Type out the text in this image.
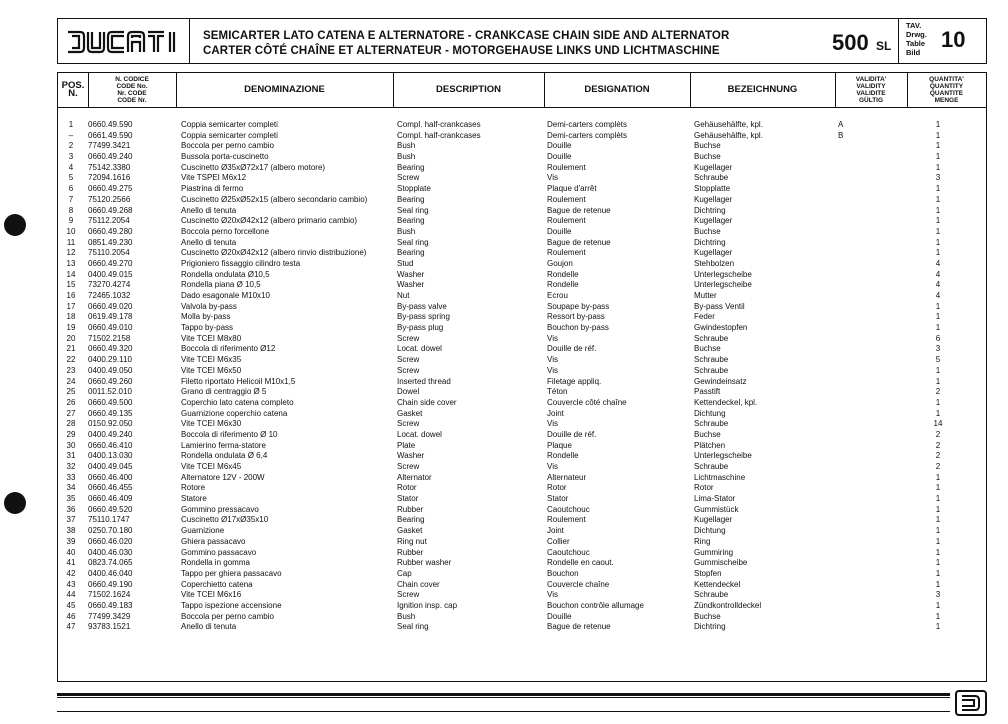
SEMICARTER LATO CATENA E ALTERNATORE - CRANKCASE CHAIN SIDE AND ALTERNATOR
CARTER CÔTÉ CHAÎNE ET ALTERNATEUR - MOTORGEHAUSE LINKS UND LICHTMASCHINE	500 SL
TAV.
Drwg.
Table
Bild
10
POS.
N.
N. CODICE
CODE No.
Nr. CODE
CODE Nr.
DENOMINAZIONE	DESCRIPTION	DESIGNATION	BEZEICHNUNG
VALIDITA'
VALIDITY
VALIDITE
GÜLTIG
QUANTITA'
QUANTITY
QUANTITE
MENGE
1	0660.49.590	Coppia semicarter completi	Compl. half-crankcases	Demi-carters complèts	Gehäusehälfte, kpl.	A	1
–	0661.49.590	Coppia semicarter completi	Compl. half-crankcases	Demi-carters complèts	Gehäusehälfte, kpl.	B	1
2	77499.3421	Boccola per perno cambio	Bush	Douille	Buchse	1
3	0660.49.240	Bussola porta-cuscinetto	Bush	Douille	Buchse	1
4	75142.3380	Cuscinetto Ø35xØ72x17 (albero motore)	Bearing	Roulement	Kugellager	1
5	72094.1616	Vite TSPEI M6x12	Screw	Vis	Schraube	3
6	0660.49.275	Piastrina di fermo	Stopplate	Plaque d'arrêt	Stopplatte	1
7	75120.2566	Cuscinetto Ø25xØ52x15 (albero secondario cambio)	Bearing	Roulement	Kugellager	1
8	0660.49.268	Anello di tenuta	Seal ring	Bague de retenue	Dichtring	1
9	75112.2054	Cuscinetto Ø20xØ42x12 (albero primario cambio)	Bearing	Roulement	Kugellager	1
10	0660.49.280	Boccola perno forcellone	Bush	Douille	Buchse	1
11	0851.49.230	Anello di tenuta	Seal ring	Bague de retenue	Dichtring	1
12	75110.2054	Cuscinetto Ø20xØ42x12 (albero rinvio distribuzione)	Bearing	Roulement	Kugellager	1
13	0660.49.270	Prigioniero fissaggio cilindro testa	Stud	Goujon	Stehbolzen	4
14	0400.49.015	Rondella ondulata Ø10,5	Washer	Rondelle	Unterlegscheibe	4
15	73270.4274	Rondella piana Ø 10,5	Washer	Rondelle	Unterlegscheibe	4
16	72465.1032	Dado esagonale M10x10	Nut	Ecrou	Mutter	4
17	0660.49.020	Valvola by-pass	By-pass valve	Soupape by-pass	By-pass Ventil	1
18	0619.49.178	Molla by-pass	By-pass spring	Ressort by-pass	Feder	1
19	0660.49.010	Tappo by-pass	By-pass plug	Bouchon by-pass	Gwindestopfen	1
20	71502.2158	Vite TCEI M8x80	Screw	Vis	Schraube	6
21	0660.49.320	Boccola di riferimento Ø12	Locat. dowel	Douille de réf.	Buchse	3
22	0400.29.110	Vite TCEI M6x35	Screw	Vis	Schraube	5
23	0400.49.050	Vite TCEI M6x50	Screw	Vis	Schraube	1
24	0660.49.260	Filetto riportato Helicoil M10x1,5	Inserted thread	Filetage appliq.	Gewindeinsatz	1
25	0011.52.010	Grano di centraggio Ø 5	Dowel	Téton	Passtift	2
26	0660.49.500	Coperchio lato catena completo	Chain side cover	Couvercle côté chaîne	Kettendeckel, kpl.	1
27	0660.49.135	Guarnizione coperchio catena	Gasket	Joint	Dichtung	1
28	0150.92.050	Vite TCEI M6x30	Screw	Vis	Schraube	14
29	0400.49.240	Boccola di riferimento Ø 10	Locat. dowel	Douille de réf.	Buchse	2
30	0660.46.410	Lamierino ferma-statore	Plate	Plaque	Plätchen	2
31	0400.13.030	Rondella ondulata Ø 6,4	Washer	Rondelle	Unterlegscheibe	2
32	0400.49.045	Vite TCEI M6x45	Screw	Vis	Schraube	2
33	0660.46.400	Alternatore 12V - 200W	Alternator	Alternateur	Lichtmaschine	1
34	0660.46.455	Rotore	Rotor	Rotor	Rotor	1
35	0660.46.409	Statore	Stator	Stator	Lima-Stator	1
36	0660.49.520	Gommino pressacavo	Rubber	Caoutchouc	Gummistück	1
37	75110.1747	Cuscinetto Ø17xØ35x10	Bearing	Roulement	Kugellager	1
38	0250.70.180	Guarnizione	Gasket	Joint	Dichtung	1
39	0660.46.020	Ghiera passacavo	Ring nut	Collier	Ring	1
40	0400.46.030	Gommino passacavo	Rubber	Caoutchouc	Gummiring	1
41	0823.74.065	Rondella in gomma	Rubber washer	Rondelle en caout.	Gummischeibe	1
42	0400.46.040	Tappo per ghiera passacavo	Cap	Bouchon	Stopfen	1
43	0660.49.190	Coperchietto catena	Chain cover	Couvercle chaîne	Kettendeckel	1
44	71502.1624	Vite TCEI M6x16	Screw	Vis	Schraube	3
45	0660.49.183	Tappo ispezione accensione	Ignition insp. cap	Bouchon contrôle allumage	Zündkontrolldeckel	1
46	77499.3429	Boccola per perno cambio	Bush	Douille	Buchse	1
47	93783.1521	Anello di tenuta	Seal ring	Bague de retenue	Dichtring	1
